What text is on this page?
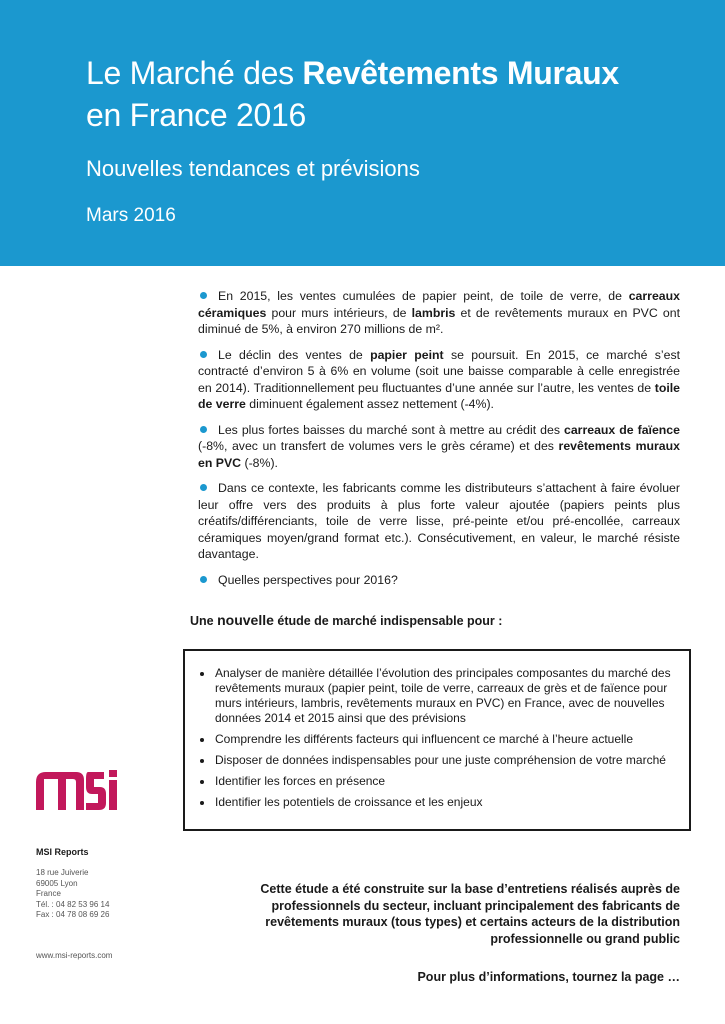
Le Marché des Revêtements Muraux
en France 2016
Nouvelles tendances et prévisions
Mars 2016
En 2015, les ventes cumulées de papier peint, de toile de verre, de carreaux céramiques pour murs intérieurs, de lambris et de revêtements muraux en PVC ont diminué de 5%, à environ 270 millions de m².
Le déclin des ventes de papier peint se poursuit. En 2015, ce marché s’est contracté d’environ 5 à 6% en volume (soit une baisse comparable à celle enregistrée en 2014). Traditionnellement peu fluctuantes d’une année sur l’autre, les ventes de toile de verre diminuent également assez nettement (-4%).
Les plus fortes baisses du marché sont à mettre au crédit des carreaux de faïence (-8%, avec un transfert de volumes vers le grès cérame) et des revêtements muraux en PVC (-8%).
Dans ce contexte, les fabricants comme les distributeurs s’attachent à faire évoluer leur offre vers des produits à plus forte valeur ajoutée (papiers peints plus créatifs/différenciants, toile de verre lisse, pré-peinte et/ou pré-encollée, carreaux céramiques moyen/grand format etc.). Consécutivement, en valeur, le marché résiste davantage.
Quelles perspectives pour 2016?
Une nouvelle étude de marché indispensable pour :
Analyser de manière détaillée l’évolution des principales composantes du marché des revêtements muraux (papier peint, toile de verre, carreaux de grès et de faïence pour murs intérieurs, lambris, revêtements muraux en PVC) en France, avec de nouvelles données 2014 et 2015 ainsi que des prévisions
Comprendre les différents facteurs qui influencent ce marché à l’heure actuelle
Disposer de données indispensables pour une juste compréhension de votre marché
Identifier les forces en présence
Identifier les potentiels de croissance et les enjeux
MSI Reports
18 rue Juiverie
69005 Lyon
France
Tél. : 04 82 53 96 14
Fax : 04 78 08 69 26
www.msi-reports.com
Cette étude a été construite sur la base d’entretiens réalisés auprès de professionnels du secteur, incluant principalement des fabricants de revêtements muraux (tous types) et certains acteurs de la distribution professionnelle ou grand public
Pour plus d’informations, tournez la page …
